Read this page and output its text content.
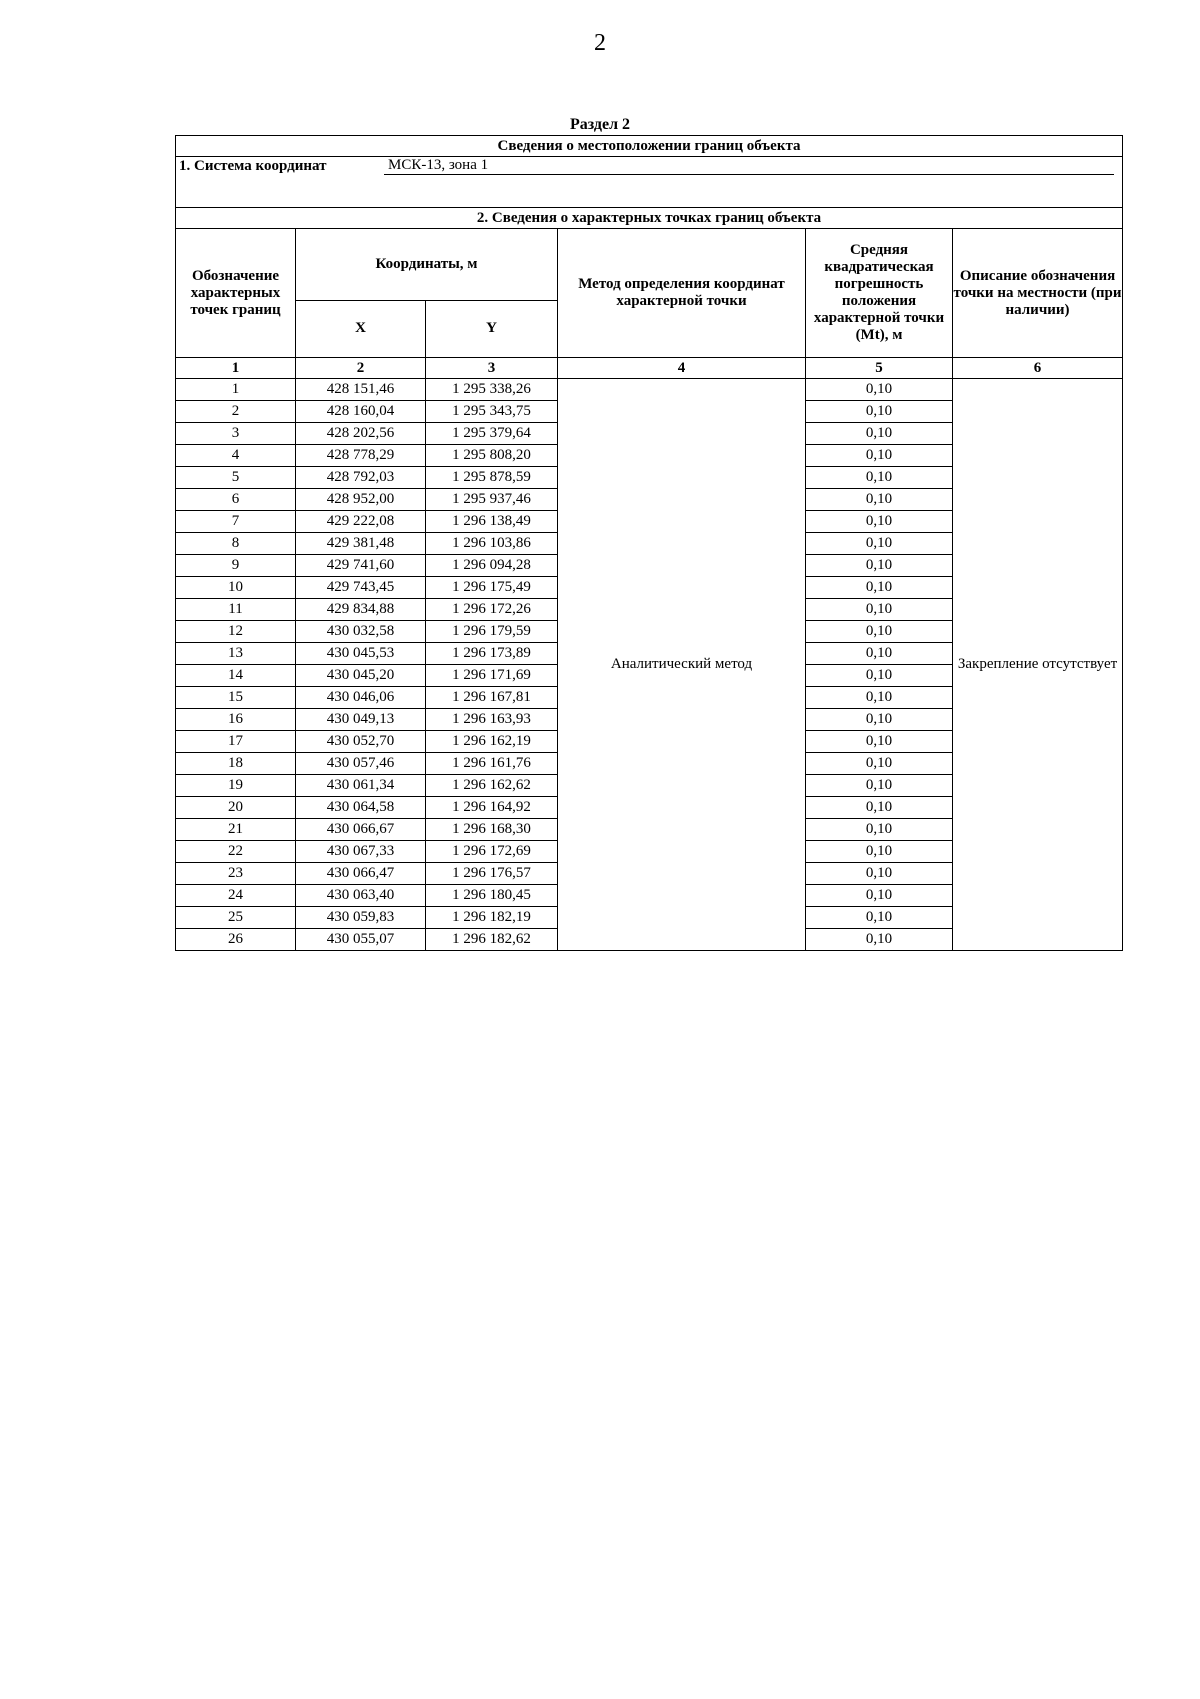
2
Раздел 2
Сведения о местоположении границ объекта					

1. Система координат МСК-13, зона 1					

2. Сведения о характерных точках границ объекта					
Обозначение характерных точек границ	Координаты, м		Метод определения координат характерной точки	Средняя квадратическая погрешность положения характерной точки (Mt), м	Описание обозначения точки на местности (при наличии)
	X	Y			
1	2	3	4	5	6
1	428 151,46	1 295 338,26	Аналитический метод	0,10	Закрепление отсутствует
2	428 160,04	1 295 343,75		0,10	
3	428 202,56	1 295 379,64		0,10	
4	428 778,29	1 295 808,20		0,10	
5	428 792,03	1 295 878,59		0,10	
6	428 952,00	1 295 937,46		0,10	
7	429 222,08	1 296 138,49		0,10	
8	429 381,48	1 296 103,86		0,10	
9	429 741,60	1 296 094,28		0,10	
10	429 743,45	1 296 175,49		0,10	
11	429 834,88	1 296 172,26		0,10	
12	430 032,58	1 296 179,59		0,10	
13	430 045,53	1 296 173,89		0,10	
14	430 045,20	1 296 171,69		0,10	
15	430 046,06	1 296 167,81		0,10	
16	430 049,13	1 296 163,93		0,10	
17	430 052,70	1 296 162,19		0,10	
18	430 057,46	1 296 161,76		0,10	
19	430 061,34	1 296 162,62		0,10	
20	430 064,58	1 296 164,92		0,10	
21	430 066,67	1 296 168,30		0,10	
22	430 067,33	1 296 172,69		0,10	
23	430 066,47	1 296 176,57		0,10	
24	430 063,40	1 296 180,45		0,10	
25	430 059,83	1 296 182,19		0,10	
26	430 055,07	1 296 182,62		0,10	
